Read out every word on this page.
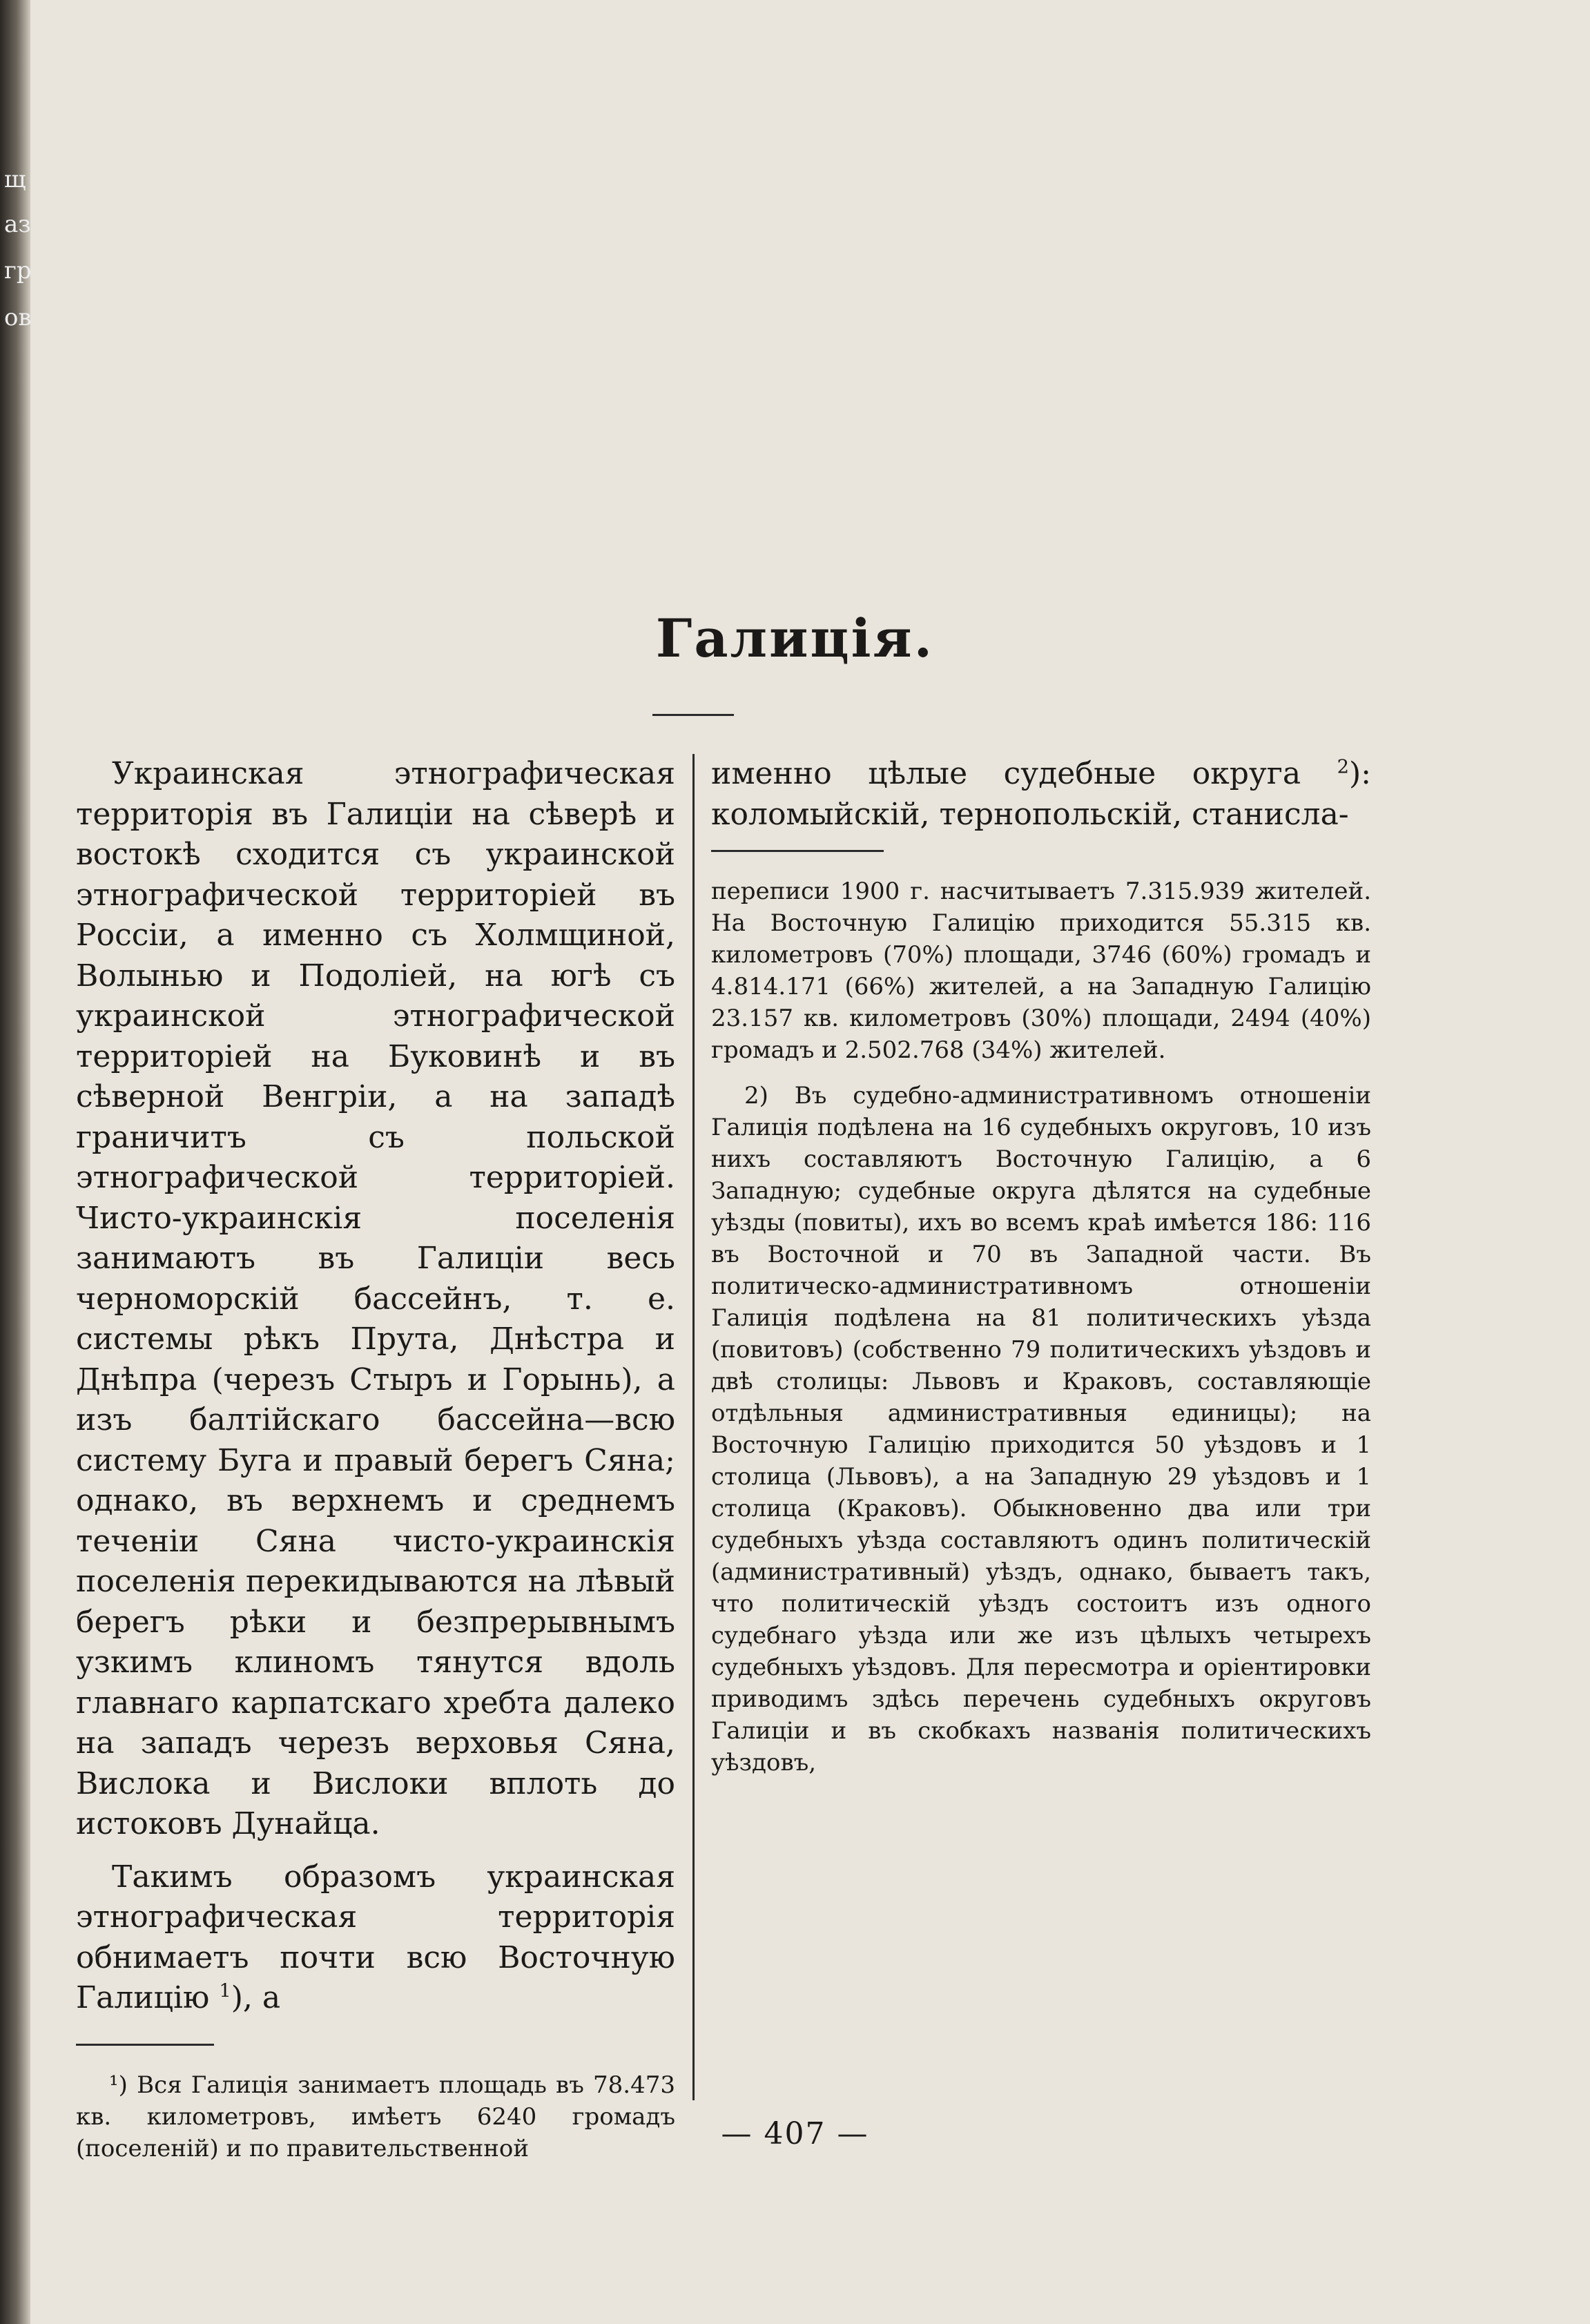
щ
аз
гр
ов
Галиція.

Украинская этнографическая территорія въ Галиціи на сѣверѣ и востокѣ сходится съ украинской этнографической территоріей въ Россіи, а именно съ Холмщиной, Волынью и Подоліей, на югѣ съ украинской этнографической территоріей на Буковинѣ и въ сѣверной Венгріи, а на западѣ граничитъ съ польской этнографической территоріей. Чисто-украинскія поселенія занимаютъ въ Галиціи весь черноморскій бассейнъ, т. е. системы рѣкъ Прута, Днѣстра и Днѣпра (черезъ Стыръ и Горынь), а изъ балтійскаго бассейна—всю систему Буга и правый берегъ Сяна; однако, въ верхнемъ и среднемъ теченіи Сяна чисто-украинскія поселенія перекидываются на лѣвый берегъ рѣки и безпрерывнымъ узкимъ клиномъ тянутся вдоль главнаго карпатскаго хребта далеко на западъ черезъ верховья Сяна, Вислока и Вислоки вплоть до истоковъ Дунайца.

Такимъ образомъ украинская этнографическая территорія обнимаетъ почти всю Восточную Галицію $^1$), а

¹) Вся Галиція занимаетъ площадь въ 78.473 кв. километровъ, имѣетъ 6240 громадъ (поселеній) и по правительственной

именно цѣлые судебные округа $^2$): коломыйскій, тернопольскій, станисла-

переписи 1900 г. насчитываетъ 7.315.939 жителей. На Восточную Галицію приходится 55.315 кв. километровъ (70%) площади, 3746 (60%) громадъ и 4.814.171 (66%) жителей, а на Западную Галицію 23.157 кв. километровъ (30%) площади, 2494 (40%) громадъ и 2.502.768 (34%) жителей.

2) Въ судебно-административномъ отношеніи Галиція подѣлена на 16 судебныхъ округовъ, 10 изъ нихъ составляютъ Восточную Галицію, а 6 Западную; судебные округа дѣлятся на судебные уѣзды (повиты), ихъ во всемъ краѣ имѣется 186: 116 въ Восточной и 70 въ Западной части. Въ политическо-административномъ отношеніи Галиція подѣлена на 81 политическихъ уѣзда (повитовъ) (собственно 79 политическихъ уѣздовъ и двѣ столицы: Львовъ и Краковъ, составляющіе отдѣльныя административныя единицы); на Восточную Галицію приходится 50 уѣздовъ и 1 столица (Львовъ), а на Западную 29 уѣздовъ и 1 столица (Краковъ). Обыкновенно два или три судебныхъ уѣзда составляютъ одинъ политическій (административный) уѣздъ, однако, бываетъ такъ, что политическій уѣздъ состоитъ изъ одного судебнаго уѣзда или же изъ цѣлыхъ четырехъ судебныхъ уѣздовъ. Для пересмотра и оріентировки приводимъ здѣсь перечень судебныхъ округовъ Галиціи и въ скобкахъ названія политическихъ уѣздовъ,

— 407 —
